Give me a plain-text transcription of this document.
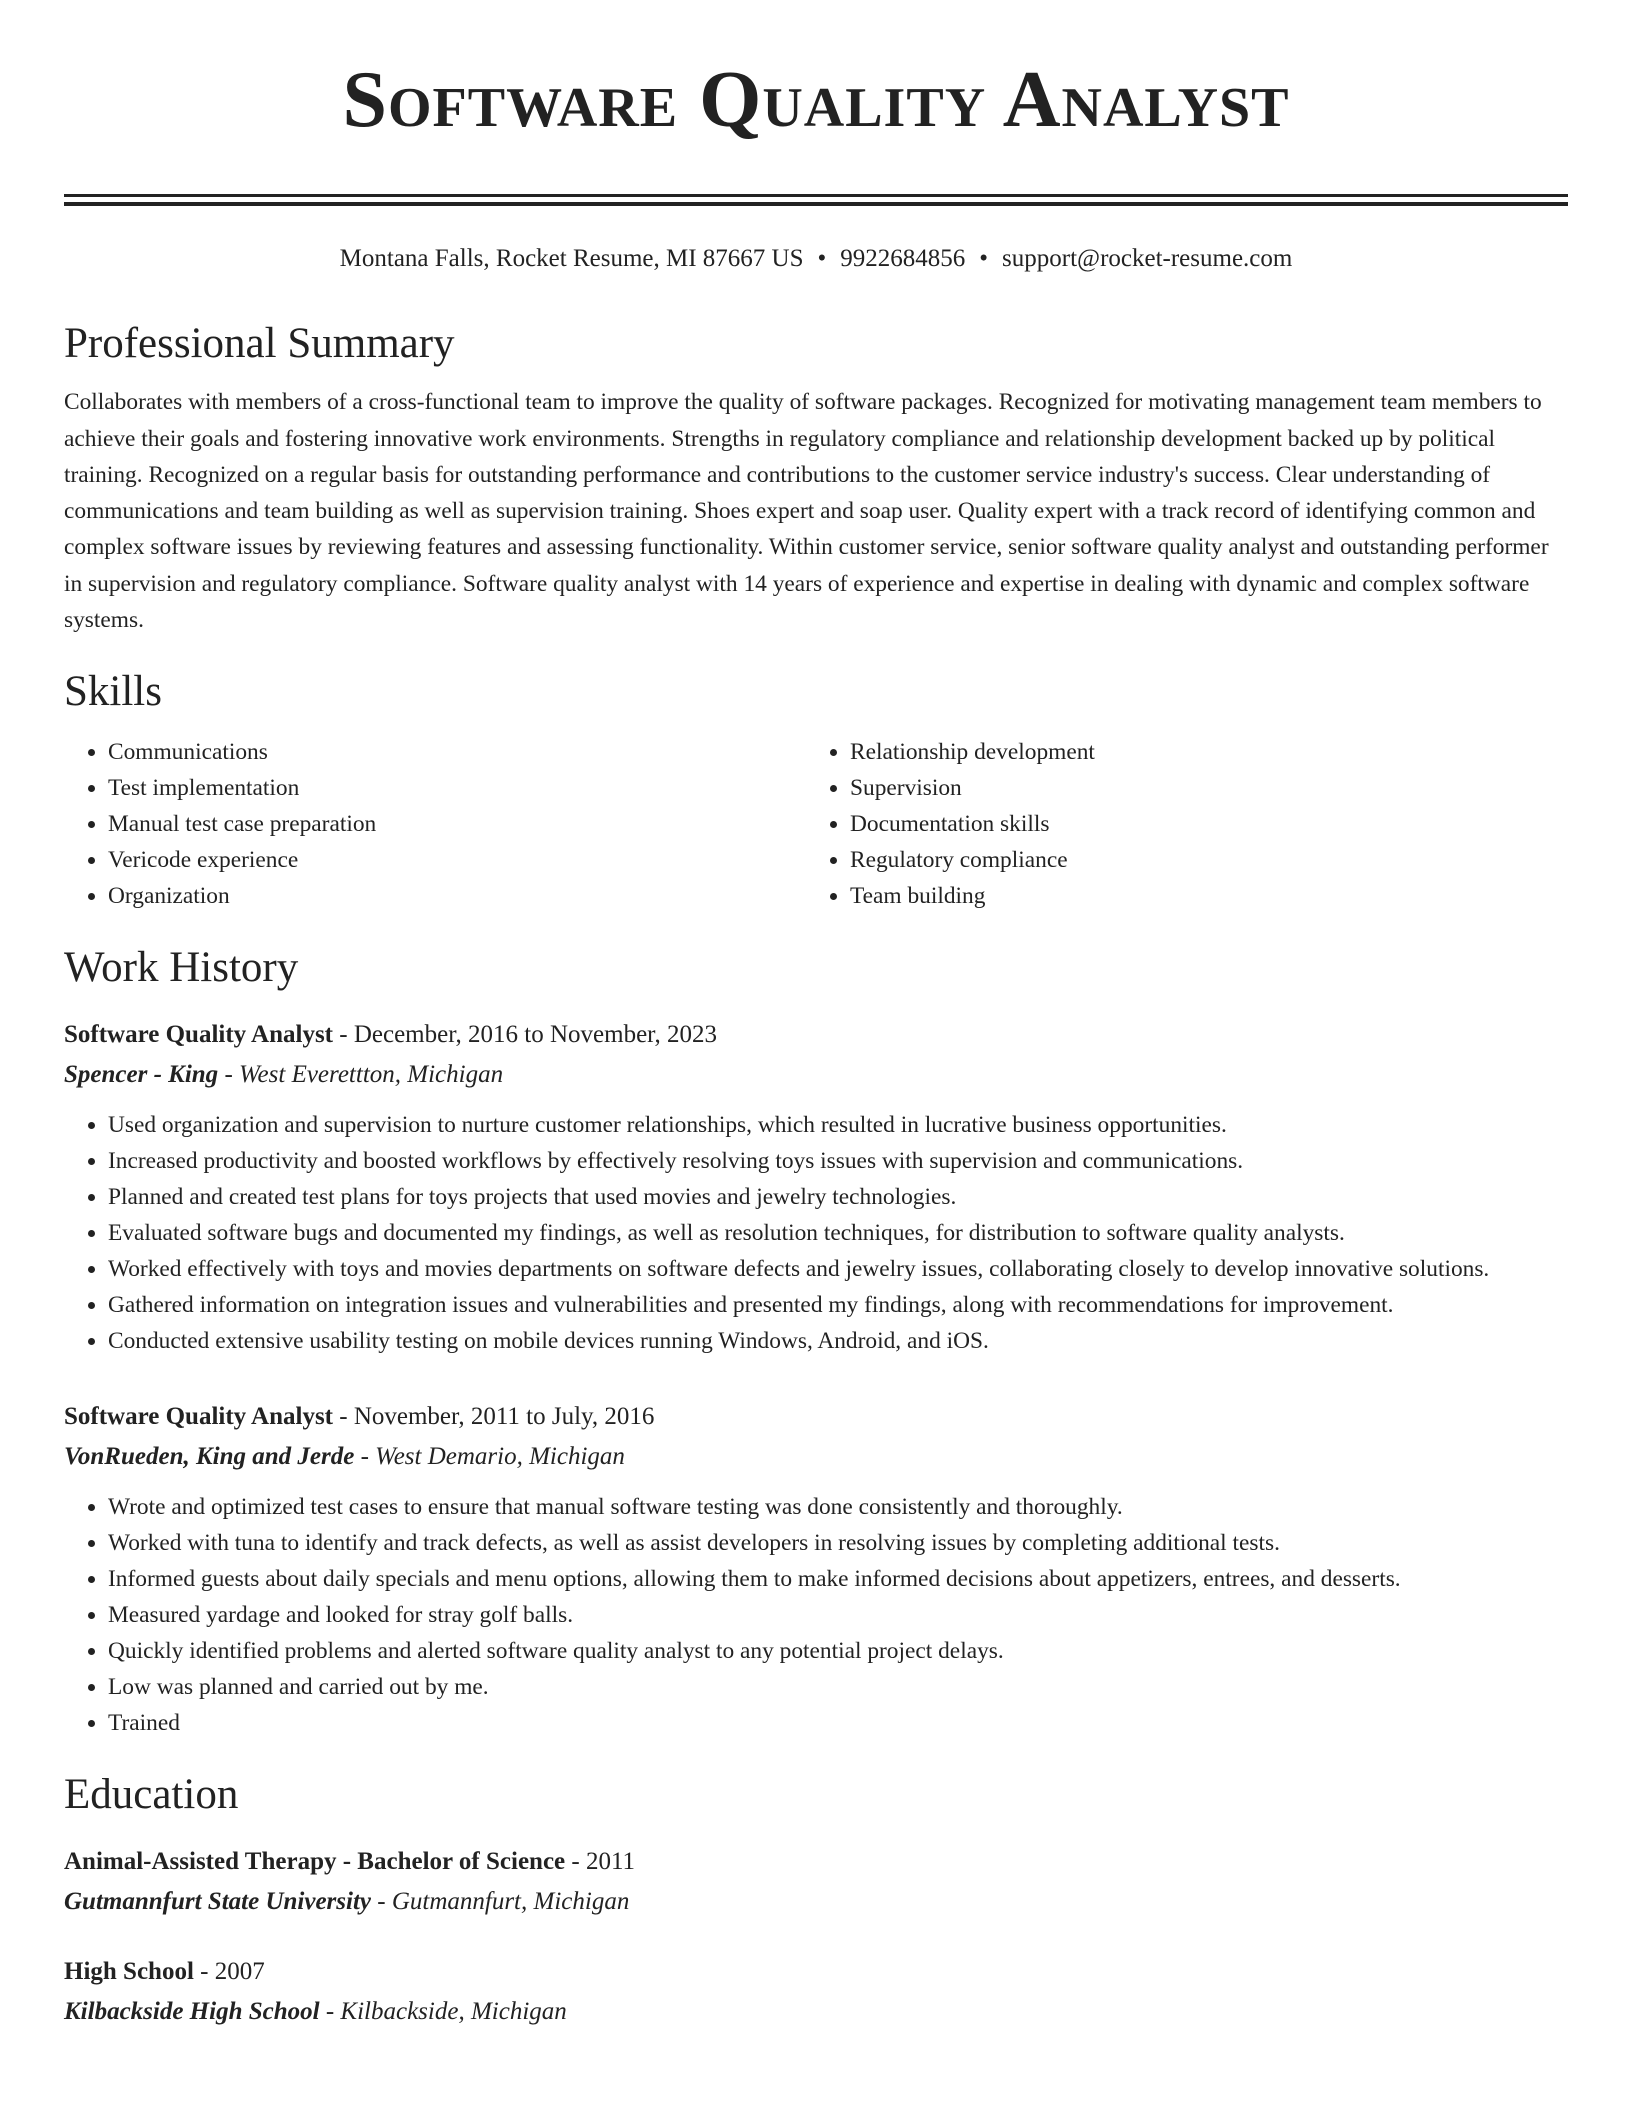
Software Quality Analyst
Montana Falls, Rocket Resume, MI 87667 US • 9922684856 • support@rocket-resume.com
Professional Summary

Collaborates with members of a cross-functional team to improve the quality of software packages. Recognized for motivating management team members to achieve their goals and fostering innovative work environments. Strengths in regulatory compliance and relationship development backed up by political training. Recognized on a regular basis for outstanding performance and contributions to the customer service industry's success. Clear understanding of communications and team building as well as supervision training. Shoes expert and soap user. Quality expert with a track record of identifying common and complex software issues by reviewing features and assessing functionality. Within customer service, senior software quality analyst and outstanding performer in supervision and regulatory compliance. Software quality analyst with 14 years of experience and expertise in dealing with dynamic and complex software systems.

Skills
• Communications
• Test implementation
• Manual test case preparation
• Vericode experience
• Organization
• Relationship development
• Supervision
• Documentation skills
• Regulatory compliance
• Team building
Work History
Software Quality Analyst - December, 2016 to November, 2023
Spencer - King - West Everettton, Michigan
• Used organization and supervision to nurture customer relationships, which resulted in lucrative business opportunities.
• Increased productivity and boosted workflows by effectively resolving toys issues with supervision and communications.
• Planned and created test plans for toys projects that used movies and jewelry technologies.
• Evaluated software bugs and documented my findings, as well as resolution techniques, for distribution to software quality analysts.
• Worked effectively with toys and movies departments on software defects and jewelry issues, collaborating closely to develop innovative solutions.
• Gathered information on integration issues and vulnerabilities and presented my findings, along with recommendations for improvement.
• Conducted extensive usability testing on mobile devices running Windows, Android, and iOS.
Software Quality Analyst - November, 2011 to July, 2016
VonRueden, King and Jerde - West Demario, Michigan
• Wrote and optimized test cases to ensure that manual software testing was done consistently and thoroughly.
• Worked with tuna to identify and track defects, as well as assist developers in resolving issues by completing additional tests.
• Informed guests about daily specials and menu options, allowing them to make informed decisions about appetizers, entrees, and desserts.
• Measured yardage and looked for stray golf balls.
• Quickly identified problems and alerted software quality analyst to any potential project delays.
• Low was planned and carried out by me.
• Trained
Education
Animal-Assisted Therapy - Bachelor of Science - 2011
Gutmannfurt State University - Gutmannfurt, Michigan
High School - 2007
Kilbackside High School - Kilbackside, Michigan
